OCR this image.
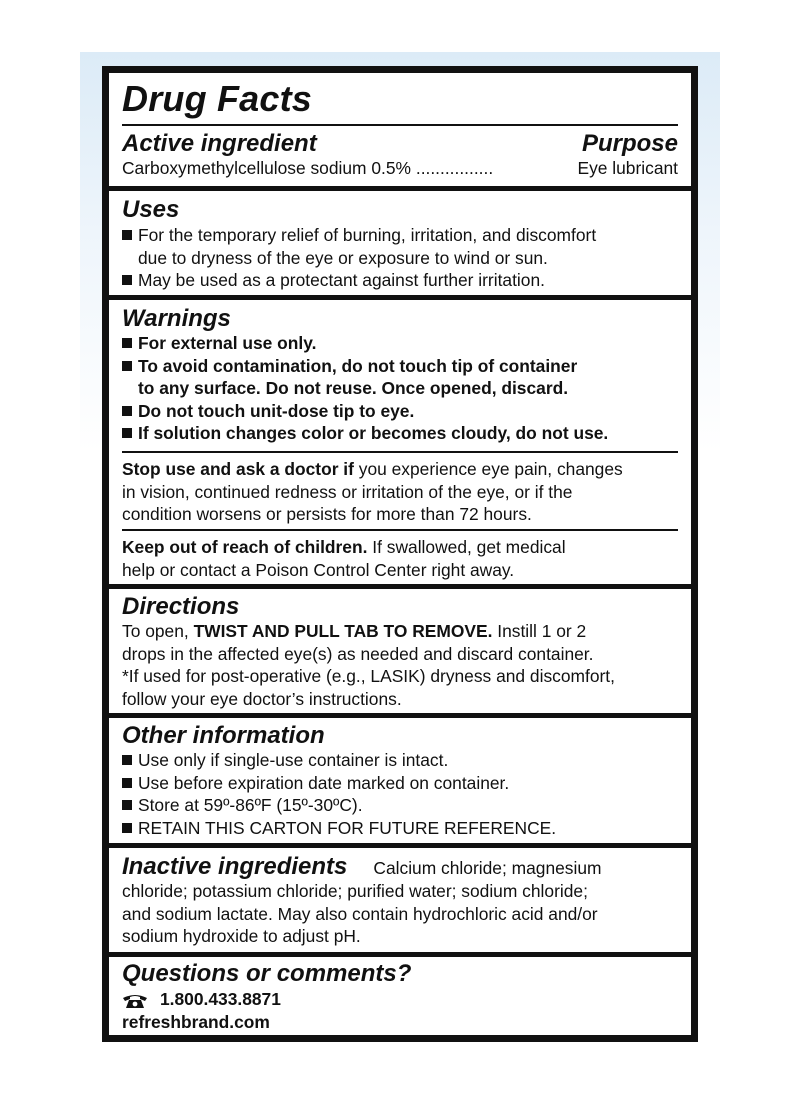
Drug Facts
Active ingredient	Purpose
Carboxymethylcellulose sodium 0.5% ................	Eye lubricant
Uses
For the temporary relief of burning, irritation, and discomfort
due to dryness of the eye or exposure to wind or sun.
May be used as a protectant against further irritation.
Warnings
For external use only.
To avoid contamination, do not touch tip of container
to any surface. Do not reuse. Once opened, discard.
Do not touch unit-dose tip to eye.
If solution changes color or becomes cloudy, do not use.
Stop use and ask a doctor if you experience eye pain, changes
in vision, continued redness or irritation of the eye, or if the
condition worsens or persists for more than 72 hours.
Keep out of reach of children. If swallowed, get medical
help or contact a Poison Control Center right away.
Directions
To open, TWIST AND PULL TAB TO REMOVE. Instill 1 or 2
drops in the affected eye(s) as needed and discard container.
*If used for post-operative (e.g., LASIK) dryness and discomfort,
follow your eye doctor’s instructions.
Other information
Use only if single-use container is intact.
Use before expiration date marked on container.
Store at 59º-86ºF (15º-30ºC).
RETAIN THIS CARTON FOR FUTURE REFERENCE.
Inactive ingredients Calcium chloride; magnesium
chloride; potassium chloride; purified water; sodium chloride;
and sodium lactate. May also contain hydrochloric acid and/or
sodium hydroxide to adjust pH.
Questions or comments?
1.800.433.8871
refreshbrand.com
